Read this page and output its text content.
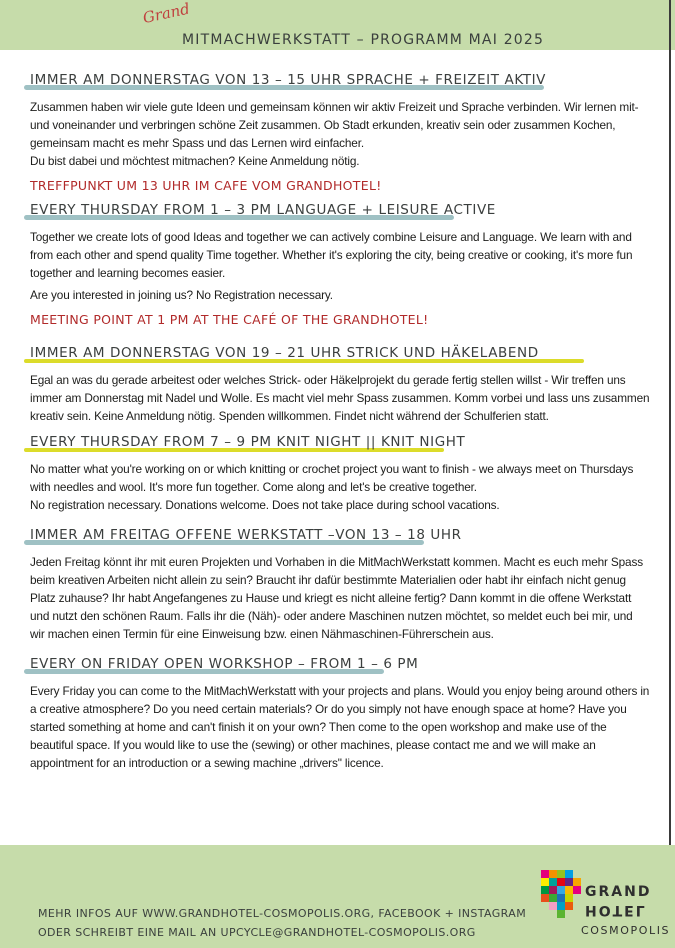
Grand
MITMACHWERKSTATT – PROGRAMM MAI 2025
IMMER AM DONNERSTAG VON 13 – 15 UHR SPRACHE + FREIZEIT AKTIV

Zusammen haben wir viele gute Ideen und gemeinsam können wir aktiv Freizeit und Sprache verbinden. Wir lernen mit- und voneinander und verbringen schöne Zeit zusammen. Ob Stadt erkunden, kreativ sein oder zusammen Kochen, gemeinsam macht es mehr Spass und das Lernen wird einfacher.

Du bist dabei und möchtest mitmachen? Keine Anmeldung nötig.

TREFFPUNKT UM 13 UHR IM CAFE VOM GRANDHOTEL!
EVERY THURSDAY FROM 1 – 3 PM LANGUAGE + LEISURE ACTIVE

Together we create lots of good Ideas and together we can actively combine Leisure and Language. We learn with and from each other and spend quality Time together. Whether it's exploring the city, being creative or cooking, it's more fun together and learning becomes easier.

Are you interested in joining us? No Registration necessary.

MEETING POINT AT 1 PM AT THE CAFÉ OF THE GRANDHOTEL!
IMMER AM DONNERSTAG VON 19 – 21 UHR STRICK UND HÄKELABEND

Egal an was du gerade arbeitest oder welches Strick- oder Häkelprojekt du gerade fertig stellen willst - Wir treffen uns immer am Donnerstag mit Nadel und Wolle. Es macht viel mehr Spass zusammen. Komm vorbei und lass uns zusammen kreativ sein. Keine Anmeldung nötig. Spenden willkommen. Findet nicht während der Schulferien statt.

EVERY THURSDAY FROM 7 – 9 PM KNIT NIGHT || KNIT NIGHT

No matter what you're working on or which knitting or crochet project you want to finish - we always meet on Thursdays with needles and wool. It's more fun together. Come along and let's be creative together.

No registration necessary. Donations welcome. Does not take place during school vacations.

IMMER AM FREITAG OFFENE WERKSTATT –VON 13 – 18 UHR

Jeden Freitag könnt ihr mit euren Projekten und Vorhaben in die MitMachWerkstatt kommen. Macht es euch mehr Spass beim kreativen Arbeiten nicht allein zu sein? Braucht ihr dafür bestimmte Materialien oder habt ihr einfach nicht genug Platz zuhause? Ihr habt Angefangenes zu Hause und kriegt es nicht alleine fertig? Dann kommt in die offene Werkstatt und nutzt den schönen Raum. Falls ihr die (Näh)- oder andere Maschinen nutzen möchtet, so meldet euch bei mir, und wir machen einen Termin für eine Einweisung bzw. einen Nähmaschinen-Führerschein aus.

EVERY ON FRIDAY OPEN WORKSHOP – FROM 1 – 6 PM

Every Friday you can come to the MitMachWerkstatt with your projects and plans. Would you enjoy being around others in a creative atmosphere? Do you need certain materials? Or do you simply not have enough space at home? Have you started something at home and can't finish it on your own? Then come to the open workshop and make use of the beautiful space. If you would like to use the (sewing) or other machines, please contact me and we will make an appointment for an introduction or a sewing machine „drivers" licence.

MEHR INFOS AUF WWW.GRANDHOTEL-COSMOPOLIS.ORG, FACEBOOK + INSTAGRAM

ODER SCHREIBT EINE MAIL AN UPCYCLE@GRANDHOTEL-COSMOPOLIS.ORG

GRAND
HOTEL
COSMOPOLIS
